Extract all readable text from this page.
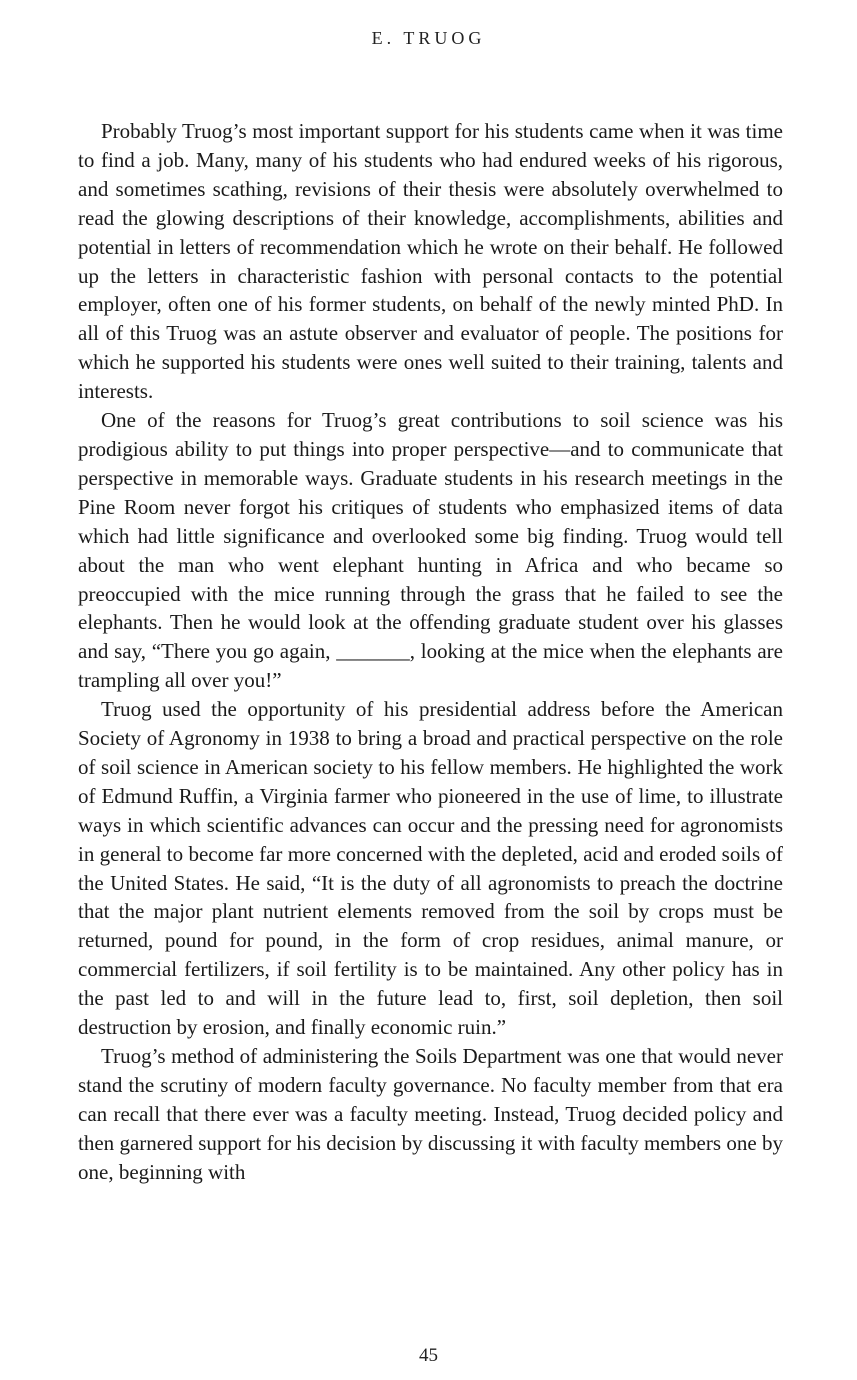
E. TRUOG

Probably Truog’s most important support for his students came when it was time to find a job. Many, many of his students who had endured weeks of his rigorous, and sometimes scathing, revisions of their thesis were absolutely overwhelmed to read the glowing descriptions of their knowledge, accomplishments, abilities and potential in letters of recommendation which he wrote on their behalf. He followed up the letters in characteristic fashion with personal contacts to the potential employer, often one of his former students, on behalf of the newly minted PhD. In all of this Truog was an astute observer and evaluator of people. The positions for which he supported his students were ones well suited to their training, talents and interests.

One of the reasons for Truog’s great contributions to soil science was his prodigious ability to put things into proper perspective—and to communicate that perspective in memorable ways. Graduate students in his research meetings in the Pine Room never forgot his critiques of students who emphasized items of data which had little significance and overlooked some big finding. Truog would tell about the man who went elephant hunting in Africa and who became so preoccupied with the mice running through the grass that he failed to see the elephants. Then he would look at the offending graduate student over his glasses and say, “There you go again, _______, looking at the mice when the elephants are trampling all over you!”

Truog used the opportunity of his presidential address before the American Society of Agronomy in 1938 to bring a broad and practical perspective on the role of soil science in American society to his fellow members. He highlighted the work of Edmund Ruffin, a Virginia farmer who pioneered in the use of lime, to illustrate ways in which scientific advances can occur and the pressing need for agronomists in general to become far more concerned with the depleted, acid and eroded soils of the United States. He said, “It is the duty of all agronomists to preach the doctrine that the major plant nutrient elements removed from the soil by crops must be returned, pound for pound, in the form of crop residues, animal manure, or commercial fertilizers, if soil fertility is to be maintained. Any other policy has in the past led to and will in the future lead to, first, soil depletion, then soil destruction by erosion, and finally economic ruin.”

Truog’s method of administering the Soils Department was one that would never stand the scrutiny of modern faculty governance. No faculty member from that era can recall that there ever was a faculty meeting. Instead, Truog decided policy and then garnered support for his decision by discussing it with faculty members one by one, beginning with

45
